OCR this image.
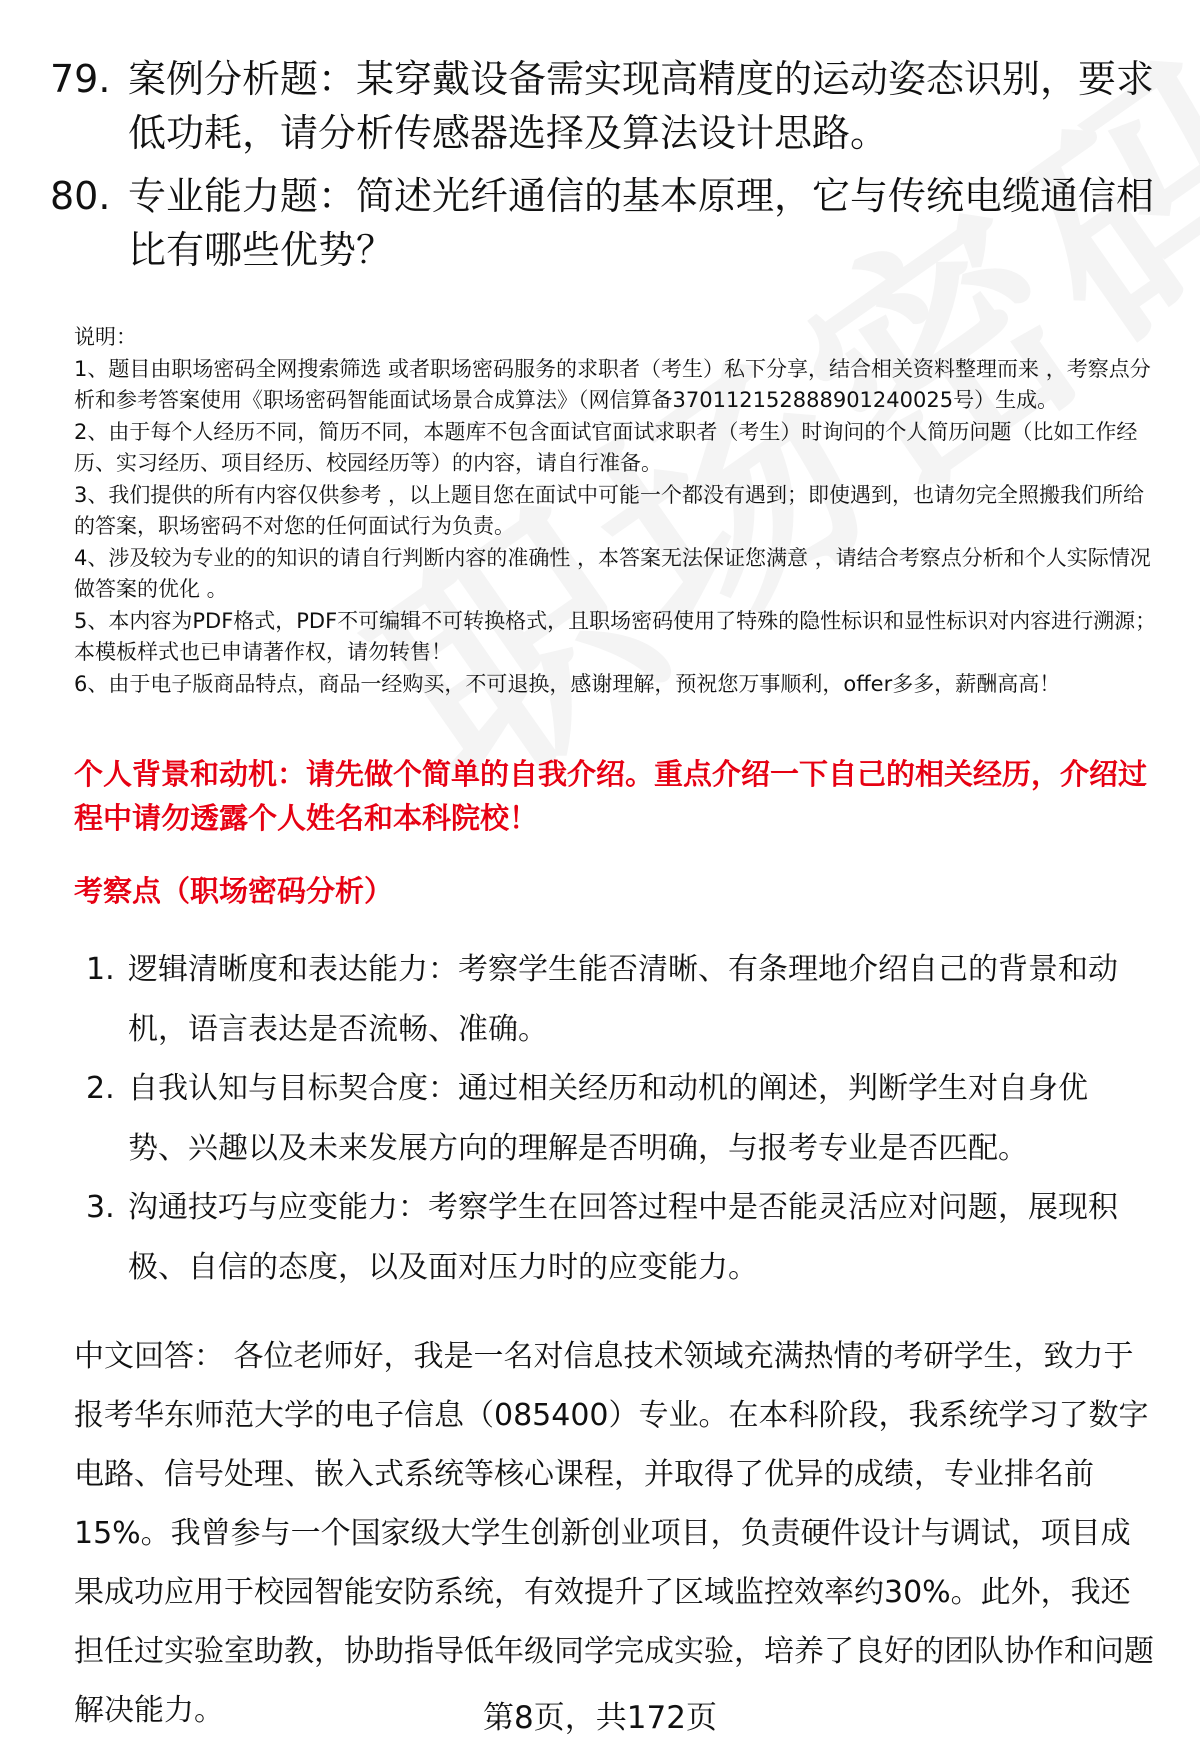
79. 案例分析题：某穿戴设备需实现高精度的运动姿态识别，要求低功耗，请分析传感器选择及算法设计思路。
80. 专业能力题：简述光纤通信的基本原理，它与传统电缆通信相比有哪些优势？
说明：
1、题目由职场密码全网搜索筛选 或者职场密码服务的求职者（考生）私下分享，结合相关资料整理而来 ，考察点分析和参考答案使用《职场密码智能面试场景合成算法》（网信算备370112152888901240025号）生成。
2、由于每个人经历不同，简历不同，本题库不包含面试官面试求职者（考生）时询问的个人简历问题（比如工作经历、实习经历、项目经历、校园经历等）的内容，请自行准备。
3、我们提供的所有内容仅供参考 ，以上题目您在面试中可能一个都没有遇到；即使遇到，也请勿完全照搬我们所给的答案，职场密码不对您的任何面试行为负责。
4、涉及较为专业的的知识的请自行判断内容的准确性 ，本答案无法保证您满意 ，请结合考察点分析和个人实际情况做答案的优化 。
5、本内容为PDF格式，PDF不可编辑不可转换格式，且职场密码使用了特殊的隐性标识和显性标识对内容进行溯源；本模板样式也已申请著作权，请勿转售！
6、由于电子版商品特点，商品一经购买，不可退换，感谢理解，预祝您万事顺利，offer多多，薪酬高高！
个人背景和动机：请先做个简单的自我介绍。重点介绍一下自己的相关经历，介绍过程中请勿透露个人姓名和本科院校！
考察点（职场密码分析）
1. 逻辑清晰度和表达能力：考察学生能否清晰、有条理地介绍自己的背景和动机，语言表达是否流畅、准确。
2. 自我认知与目标契合度：通过相关经历和动机的阐述，判断学生对自身优势、兴趣以及未来发展方向的理解是否明确，与报考专业是否匹配。
3. 沟通技巧与应变能力：考察学生在回答过程中是否能灵活应对问题，展现积极、自信的态度，以及面对压力时的应变能力。
中文回答： 各位老师好，我是一名对信息技术领域充满热情的考研学生，致力于报考华东师范大学的电子信息（085400）专业。在本科阶段，我系统学习了数字电路、信号处理、嵌入式系统等核心课程，并取得了优异的成绩，专业排名前15%。我曾参与一个国家级大学生创新创业项目，负责硬件设计与调试，项目成果成功应用于校园智能安防系统，有效提升了区域监控效率约30%。此外，我还担任过实验室助教，协助指导低年级同学完成实验，培养了良好的团队协作和问题解决能力。	第8页，共172页
